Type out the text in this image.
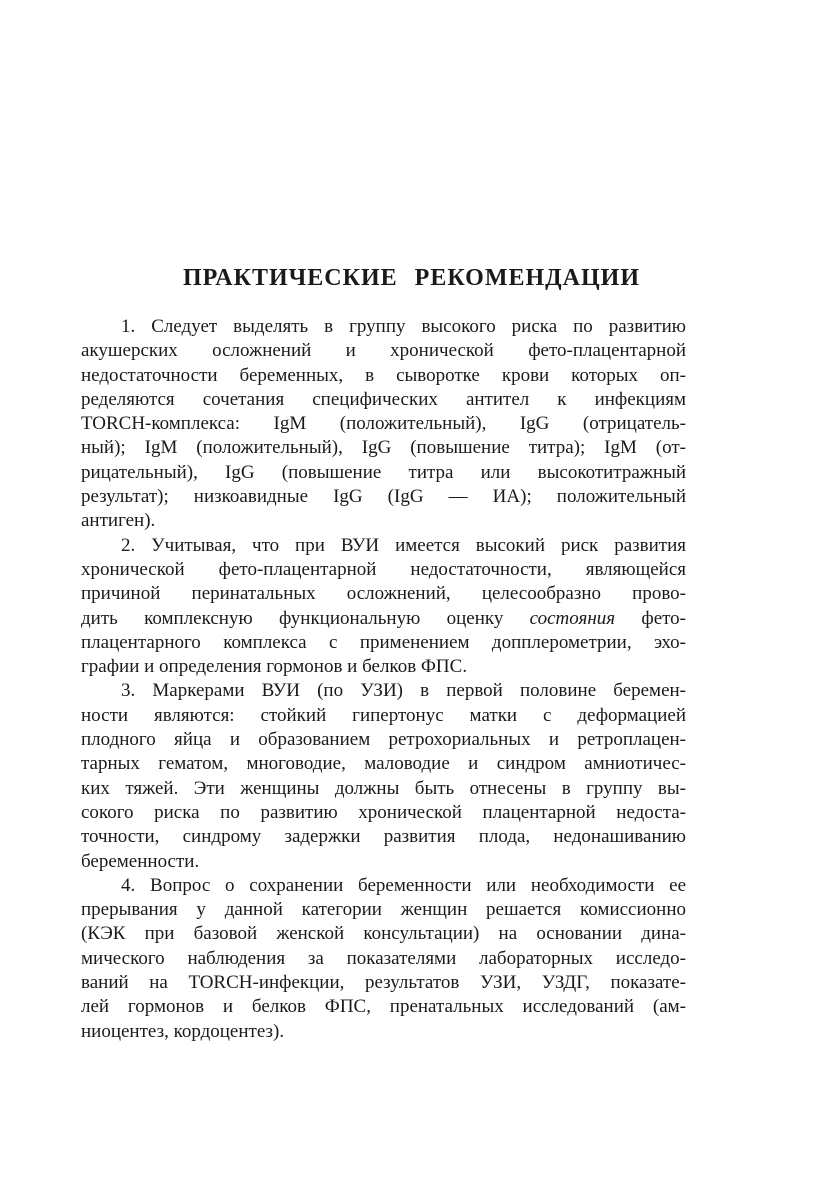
ПРАКТИЧЕСКИЕ РЕКОМЕНДАЦИИ
1. Следует выделять в группу высокого риска по развитию
акушерских осложнений и хронической фето-плацентарной
недостаточности беременных, в сыворотке крови которых оп-
ределяются сочетания специфических антител к инфекциям
TORCH-комплекса: IgM (положительный), IgG (отрицатель-
ный); IgM (положительный), IgG (повышение титра); IgM (от-
рицательный), IgG (повышение титра или высокотитражный
результат); низкоавидные IgG (IgG — ИА); положительный
антиген).
2. Учитывая, что при ВУИ имеется высокий риск развития
хронической фето-плацентарной недостаточности, являющейся
причиной перинатальных осложнений, целесообразно прово-
дить комплексную функциональную оценку состояния фето-
плацентарного комплекса с применением допплерометрии, эхо-
графии и определения гормонов и белков ФПС.
3. Маркерами ВУИ (по УЗИ) в первой половине беремен-
ности являются: стойкий гипертонус матки с деформацией
плодного яйца и образованием ретрохориальных и ретроплацен-
тарных гематом, многоводие, маловодие и синдром амниотичес-
ких тяжей. Эти женщины должны быть отнесены в группу вы-
сокого риска по развитию хронической плацентарной недоста-
точности, синдрому задержки развития плода, недонашиванию
беременности.
4. Вопрос о сохранении беременности или необходимости ее
прерывания у данной категории женщин решается комиссионно
(КЭК при базовой женской консультации) на основании дина-
мического наблюдения за показателями лабораторных исследо-
ваний на TORCH-инфекции, результатов УЗИ, УЗДГ, показате-
лей гормонов и белков ФПС, пренатальных исследований (ам-
ниоцентез, кордоцентез).
